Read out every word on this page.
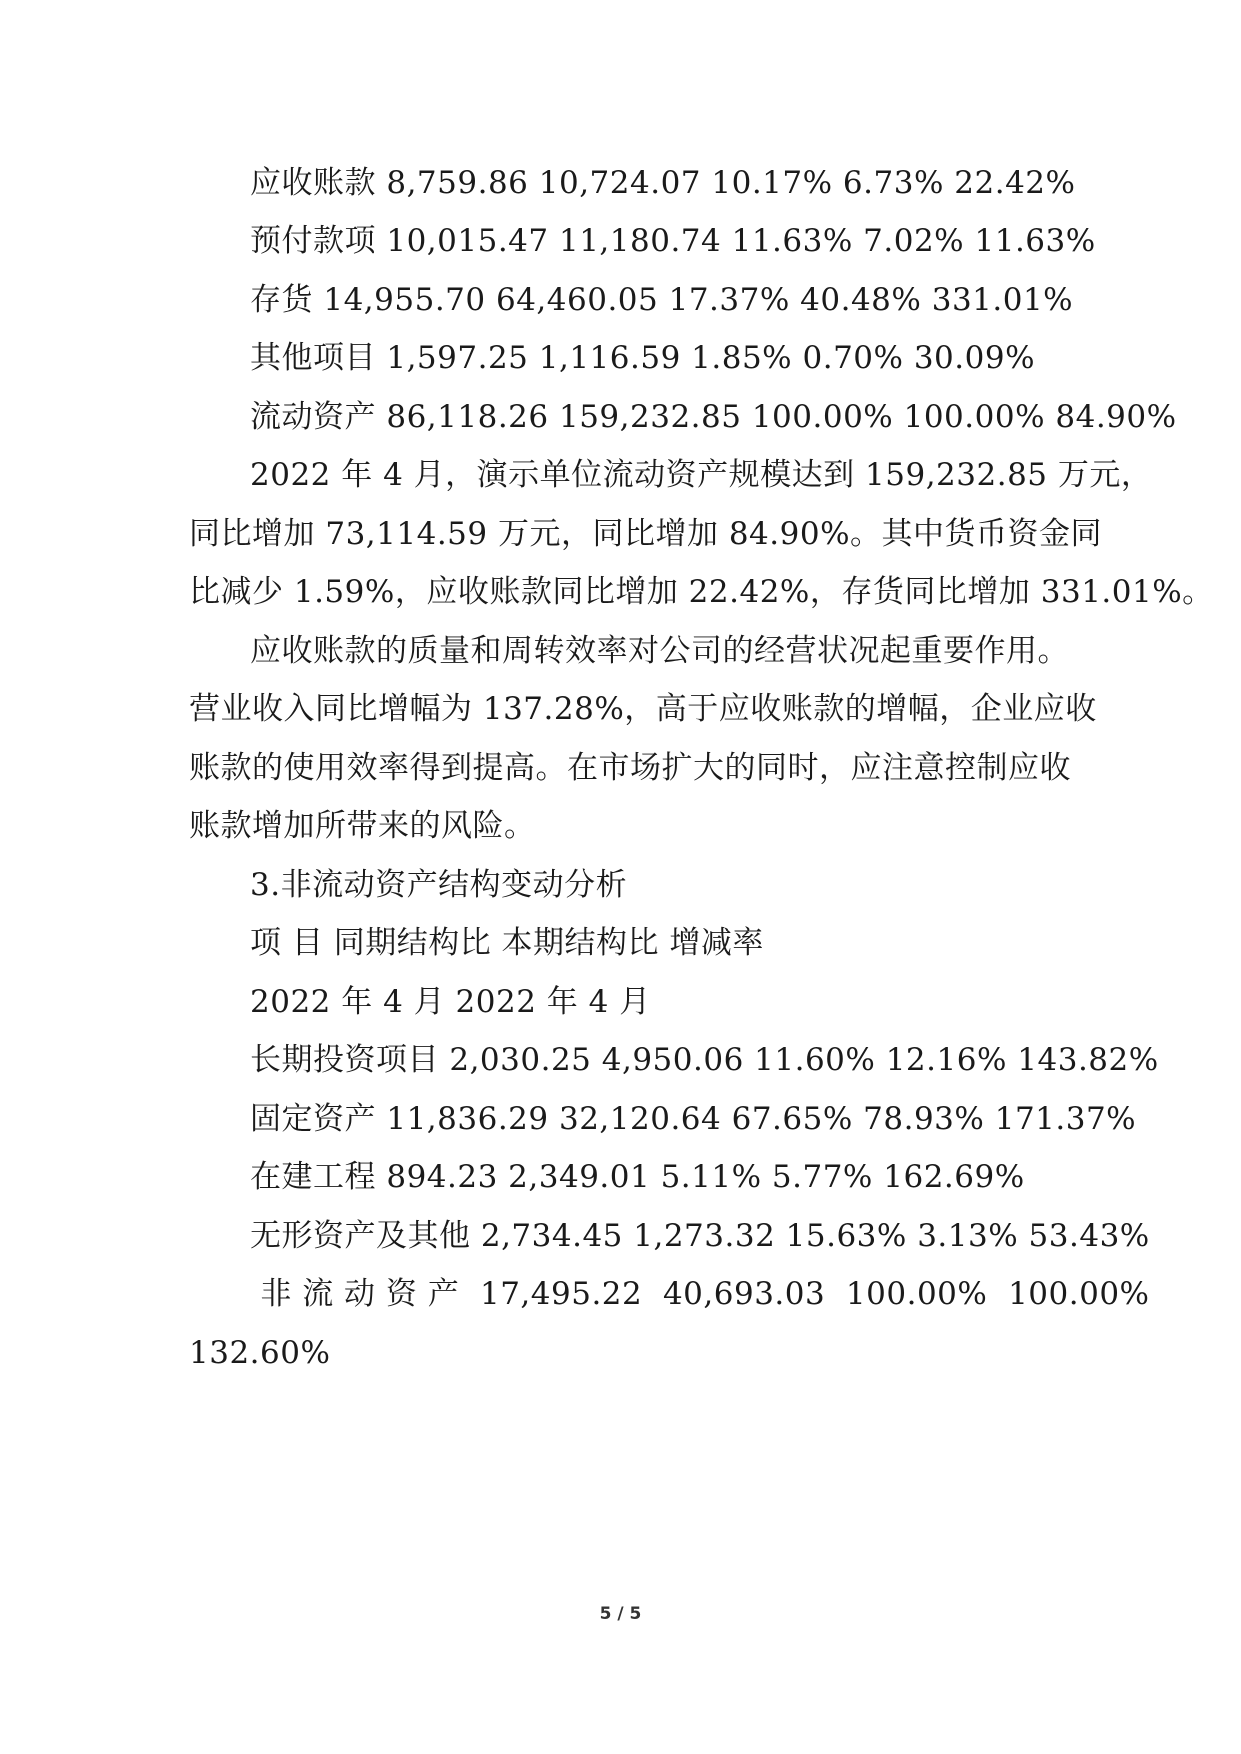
应收账款 8,759.86 10,724.07 10.17% 6.73% 22.42%
预付款项 10,015.47 11,180.74 11.63% 7.02% 11.63%
存货 14,955.70 64,460.05 17.37% 40.48% 331.01%
其他项目 1,597.25 1,116.59 1.85% 0.70% 30.09%
流动资产 86,118.26 159,232.85 100.00% 100.00% 84.90%
2022 年 4 月，演示单位流动资产规模达到 159,232.85 万元，
同比增加 73,114.59 万元，同比增加 84.90%。其中货币资金同
比减少 1.59%，应收账款同比增加 22.42%，存货同比增加 331.01%。
应收账款的质量和周转效率对公司的经营状况起重要作用。
营业收入同比增幅为 137.28%，高于应收账款的增幅，企业应收
账款的使用效率得到提高。在市场扩大的同时，应注意控制应收
账款增加所带来的风险。
3.非流动资产结构变动分析
项 目 同期结构比 本期结构比 增减率
2022 年 4 月 2022 年 4 月
长期投资项目 2,030.25 4,950.06 11.60% 12.16% 143.82%
固定资产 11,836.29 32,120.64 67.65% 78.93% 171.37%
在建工程 894.23 2,349.01 5.11% 5.77% 162.69%
无形资产及其他 2,734.45 1,273.32 15.63% 3.13% 53.43%
非 流 动 资 产  17,495.22  40,693.03  100.00%  100.00%
132.60%
5 / 5
